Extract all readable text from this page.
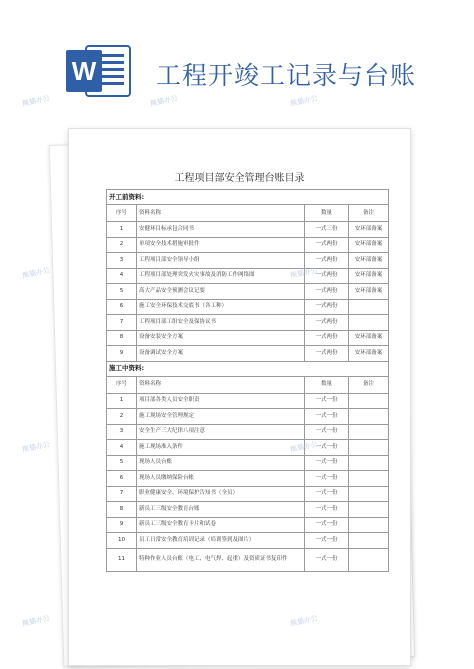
W 工程开竣工记录与台账
工程项目部安全管理台账目录
开工前资料:			
序号	资料名称	数量	备注
1	安健环目标承包合同书	一式三份	安环部备案
2	单项安全技术措施审批件	一式两份	安环部备案
3	工程项目部安全领导小组	一式两份	安环部备案
4	工程项目部处理突发火灾事故及消防工作网络图	一式两份	安环部备案
5	高大产品安全预测会议记要	一式两份	安环部备案
6	施工安全环保技术交底书（各工种）	一式两份	
7	工程项目部工组安全及保协议书	一式两份	
8	设备安装安全方案	一式两份	安环部备案
9	设备调试安全方案	一式两份	安环部备案
施工中资料:			
序号	资料名称	数量	备注
1	项目部各类人员安全职责	一式一份	
2	施工现场安全管理规定	一式一份	
3	安全生产三大纪律八项注意	一式一份	
4	施工现场准入条件	一式一份	
5	现场人员台账	一式一份	
6	现场人员缴纳保险台帐	一式一份	
7	职业健康安全、环境保护告知书（全员）	一式一份	
8	新员工三级安全教育台账	一式一份	
9	新员工三级安全教育卡片和试卷	一式一份	
10	员工日常安全教育培训记录（培训签到及图片）	一式一份	
11	特种作业人员台账（电工、电气焊、起重）及资质证书复印件	一式一份	
熊猫办公	熊猫办公	熊猫办公
熊猫办公	熊猫办公
熊猫办公	熊猫办公
熊猫办公	熊猫办公
